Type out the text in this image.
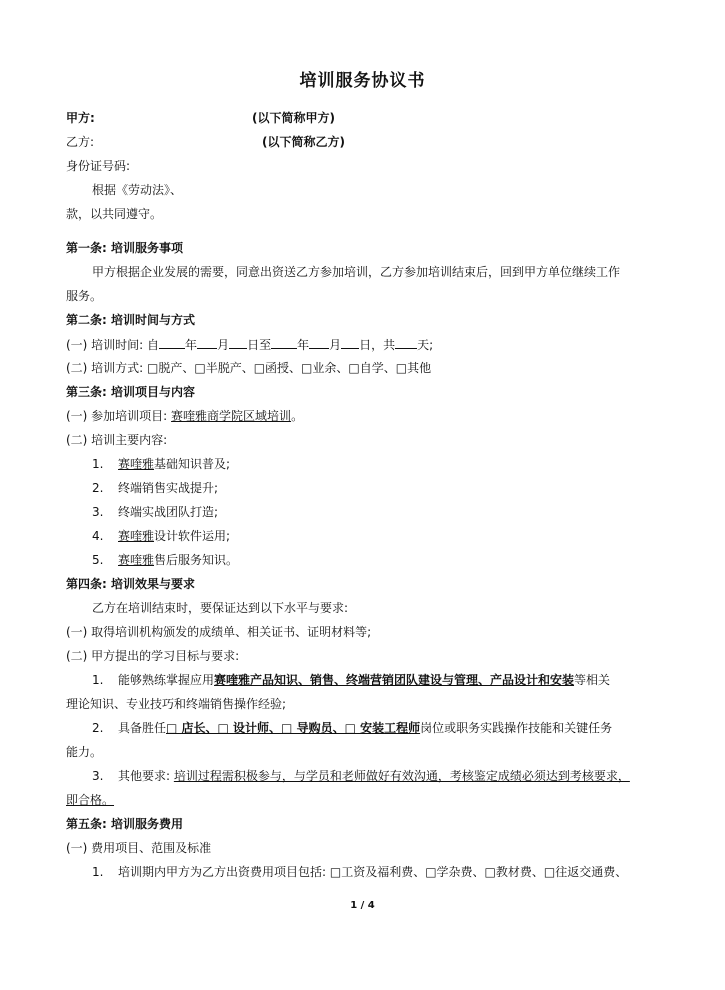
培训服务协议书
甲方:	(以下简称甲方)
乙方:	(以下简称乙方)
身份证号码:
根据《劳动法》、
款，以共同遵守。
第一条: 培训服务事项
甲方根据企业发展的需要，同意出资送乙方参加培训，乙方参加培训结束后，回到甲方单位继续工作
服务。
第二条: 培训时间与方式
(一) 培训时间: 自 年 月 日至 年 月 日，共 天;
(二) 培训方式: □脱产、□半脱产、□函授、□业余、□自学、□其他
第三条: 培训项目与内容
(一) 参加培训项目: 赛喹雅商学院区域培训。
(二) 培训主要内容:
1. 赛喹雅基础知识普及;
2. 终端销售实战提升;
3. 终端实战团队打造;
4. 赛喹雅设计软件运用;
5. 赛喹雅售后服务知识。
第四条: 培训效果与要求
乙方在培训结束时，要保证达到以下水平与要求:
(一) 取得培训机构颁发的成绩单、相关证书、证明材料等;
(二) 甲方提出的学习目标与要求:
1. 能够熟练掌握应用赛喹雅产品知识、销售、终端营销团队建设与管理、产品设计和安装等相关
理论知识、专业技巧和终端销售操作经验;
2. 具备胜任□ 店长、□ 设计师、□ 导购员、□ 安装工程师岗位或职务实践操作技能和关键任务
能力。
3. 其他要求: 培训过程需积极参与，与学员和老师做好有效沟通，考核鉴定成绩必须达到考核要求，
即合格。
第五条: 培训服务费用
(一) 费用项目、范围及标准
1. 培训期内甲方为乙方出资费用项目包括: □工资及福利费、□学杂费、□教材费、□往返交通费、
1 / 4
